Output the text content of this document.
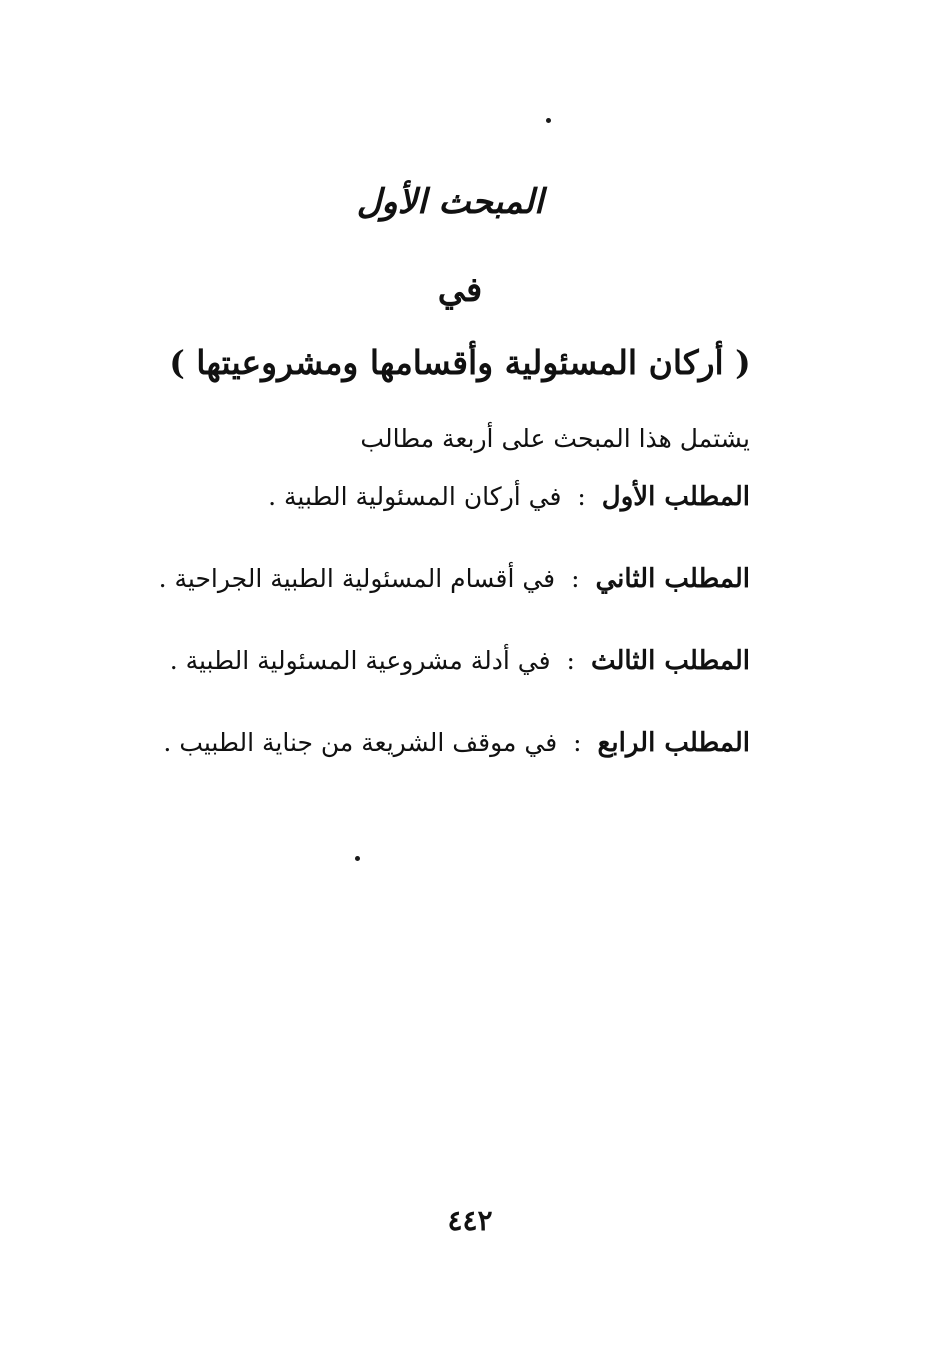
المبحث الأول
في
( أركان المسئولية وأقسامها ومشروعيتها )
يشتمل هذا المبحث على أربعة مطالب
المطلب الأول : في أركان المسئولية الطبية .
المطلب الثاني : في أقسام المسئولية الطبية الجراحية .
المطلب الثالث : في أدلة مشروعية المسئولية الطبية .
المطلب الرابع : في موقف الشريعة من جناية الطبيب .
٤٤٢
